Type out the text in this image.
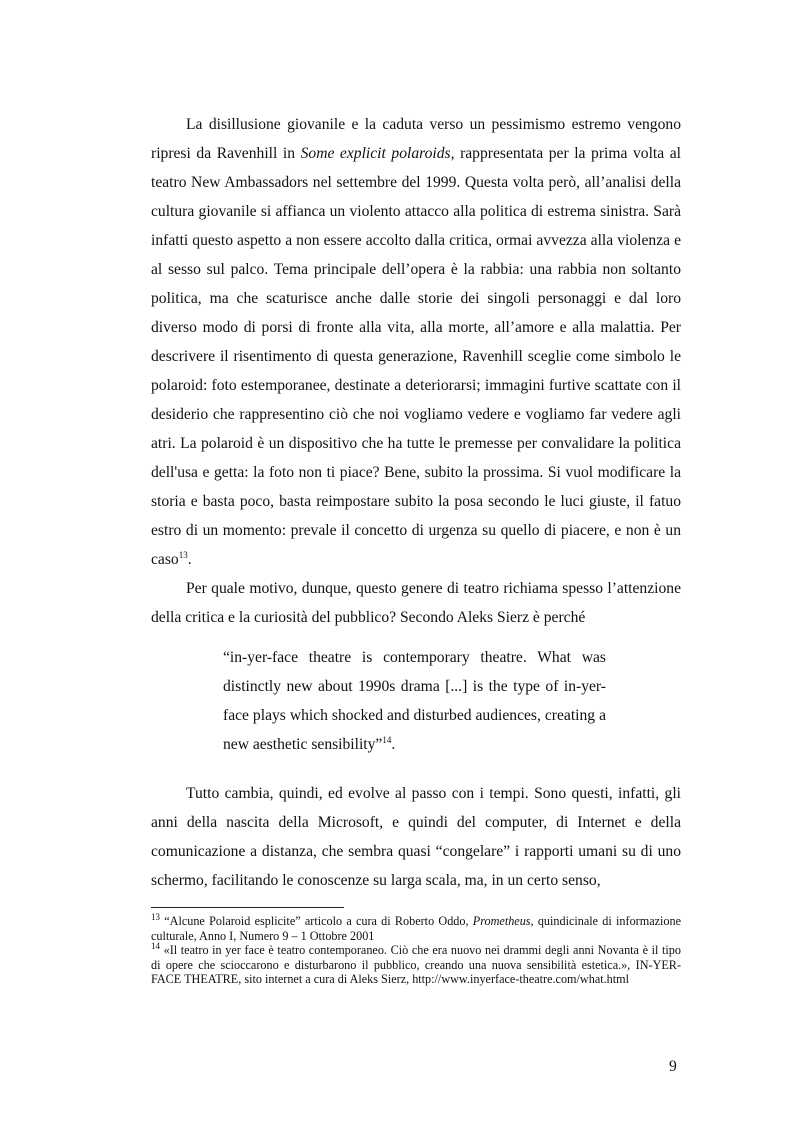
La disillusione giovanile e la caduta verso un pessimismo estremo vengono ripresi da Ravenhill in Some explicit polaroids, rappresentata per la prima volta al teatro New Ambassadors nel settembre del 1999. Questa volta però, all’analisi della cultura giovanile si affianca un violento attacco alla politica di estrema sinistra. Sarà infatti questo aspetto a non essere accolto dalla critica, ormai avvezza alla violenza e al sesso sul palco. Tema principale dell’opera è la rabbia: una rabbia non soltanto politica, ma che scaturisce anche dalle storie dei singoli personaggi e dal loro diverso modo di porsi di fronte alla vita, alla morte, all’amore e alla malattia. Per descrivere il risentimento di questa generazione, Ravenhill sceglie come simbolo le polaroid: foto estemporanee, destinate a deteriorarsi; immagini furtive scattate con il desiderio che rappresentino ciò che noi vogliamo vedere e vogliamo far vedere agli atri. La polaroid è un dispositivo che ha tutte le premesse per convalidare la politica dell'usa e getta: la foto non ti piace? Bene, subito la prossima. Si vuol modificare la storia e basta poco, basta reimpostare subito la posa secondo le luci giuste, il fatuo estro di un momento: prevale il concetto di urgenza su quello di piacere, e non è un caso$^{13}$.

Per quale motivo, dunque, questo genere di teatro richiama spesso l’attenzione della critica e la curiosità del pubblico? Secondo Aleks Sierz è perché

“in-yer-face theatre is contemporary theatre. What was distinctly new about 1990s drama [...] is the type of in-yer-face plays which shocked and disturbed audiences, creating a new aesthetic sensibility”$^{14}$.

Tutto cambia, quindi, ed evolve al passo con i tempi. Sono questi, infatti, gli anni della nascita della Microsoft, e quindi del computer, di Internet e della comunicazione a distanza, che sembra quasi “congelare” i rapporti umani su di uno schermo, facilitando le conoscenze su larga scala, ma, in un certo senso,

$^{13}$ “Alcune Polaroid esplicite” articolo a cura di Roberto Oddo, Prometheus, quindicinale di informazione culturale, Anno I, Numero 9 – 1 Ottobre 2001

$^{14}$ «Il teatro in yer face è teatro contemporaneo. Ciò che era nuovo nei drammi degli anni Novanta è il tipo di opere che scioccarono e disturbarono il pubblico, creando una nuova sensibilità estetica.», IN-YER-FACE THEATRE, sito internet a cura di Aleks Sierz, http://www.inyerface-theatre.com/what.html

9
